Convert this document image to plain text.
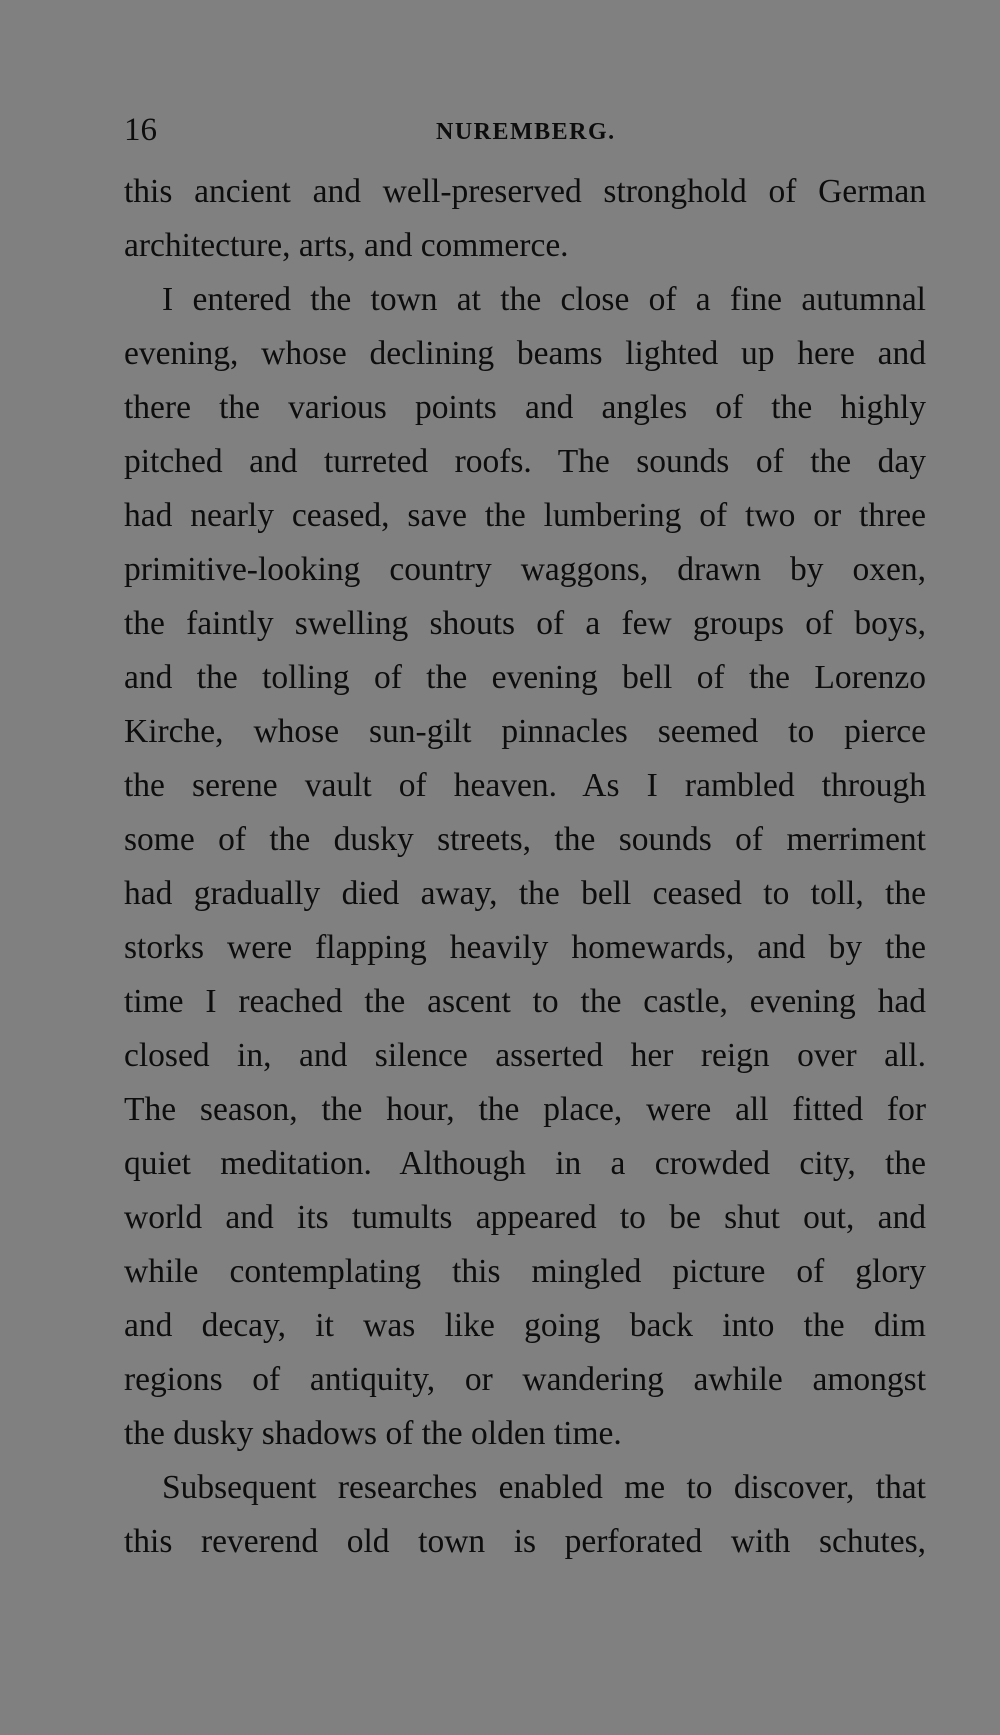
16	NUREMBERG.
this ancient and well-preserved stronghold of German
architecture, arts, and commerce.
I entered the town at the close of a fine autumnal
evening, whose declining beams lighted up here and
there the various points and angles of the highly
pitched and turreted roofs. The sounds of the day
had nearly ceased, save the lumbering of two or three
primitive-looking country waggons, drawn by oxen,
the faintly swelling shouts of a few groups of boys,
and the tolling of the evening bell of the Lorenzo
Kirche, whose sun-gilt pinnacles seemed to pierce
the serene vault of heaven. As I rambled through
some of the dusky streets, the sounds of merriment
had gradually died away, the bell ceased to toll, the
storks were flapping heavily homewards, and by the
time I reached the ascent to the castle, evening had
closed in, and silence asserted her reign over all.
The season, the hour, the place, were all fitted for
quiet meditation. Although in a crowded city, the
world and its tumults appeared to be shut out, and
while contemplating this mingled picture of glory
and decay, it was like going back into the dim
regions of antiquity, or wandering awhile amongst
the dusky shadows of the olden time.
Subsequent researches enabled me to discover, that
this reverend old town is perforated with schutes,
